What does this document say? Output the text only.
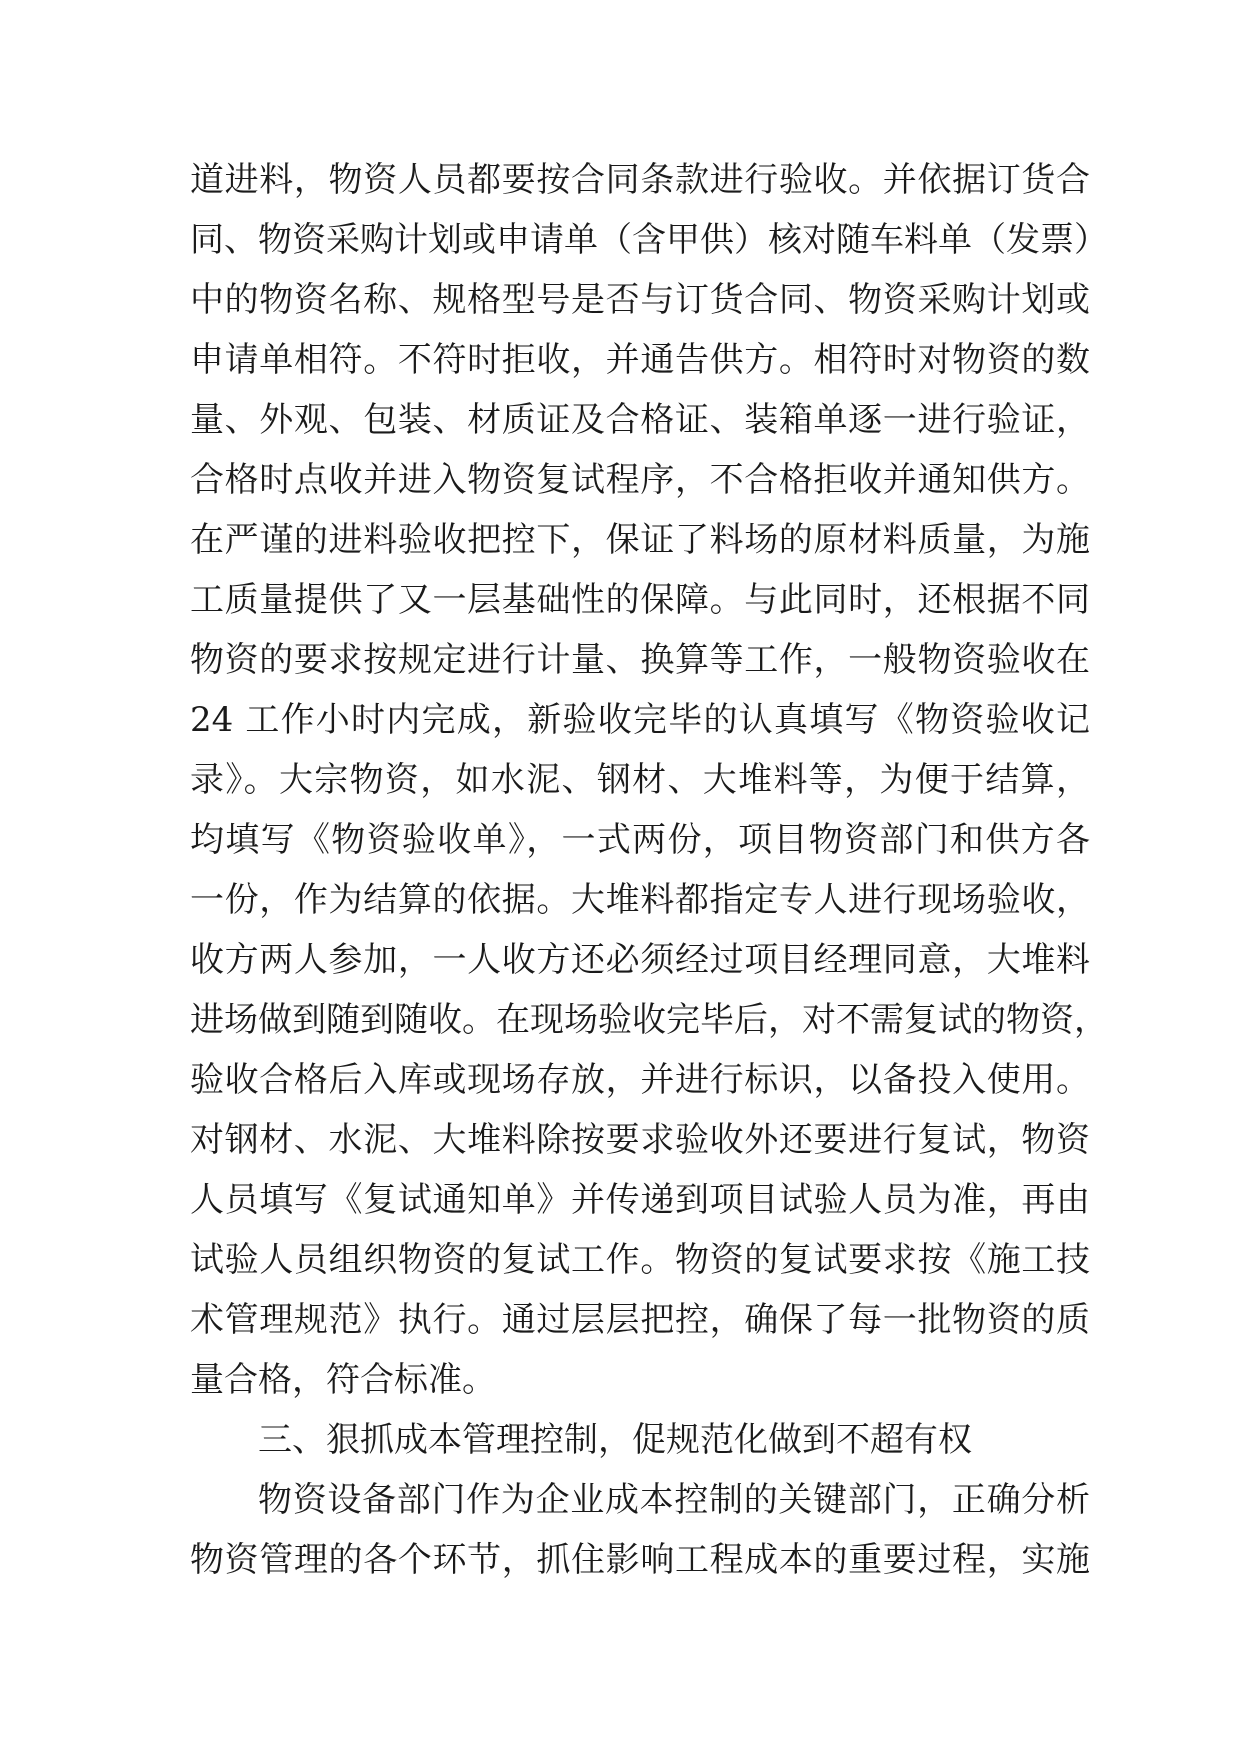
道进料，物资人员都要按合同条款进行验收。并依据订货合
同、物资采购计划或申请单（含甲供）核对随车料单（发票）
中的物资名称、规格型号是否与订货合同、物资采购计划或
申请单相符。不符时拒收，并通告供方。相符时对物资的数
量、外观、包装、材质证及合格证、装箱单逐一进行验证，
合格时点收并进入物资复试程序，不合格拒收并通知供方。
在严谨的进料验收把控下，保证了料场的原材料质量，为施
工质量提供了又一层基础性的保障。与此同时，还根据不同
物资的要求按规定进行计量、换算等工作，一般物资验收在
24 工作小时内完成，新验收完毕的认真填写《物资验收记
录》。大宗物资，如水泥、钢材、大堆料等，为便于结算，
均填写《物资验收单》，一式两份，项目物资部门和供方各
一份，作为结算的依据。大堆料都指定专人进行现场验收，
收方两人参加，一人收方还必须经过项目经理同意，大堆料
进场做到随到随收。在现场验收完毕后，对不需复试的物资，
验收合格后入库或现场存放，并进行标识，以备投入使用。
对钢材、水泥、大堆料除按要求验收外还要进行复试，物资
人员填写《复试通知单》并传递到项目试验人员为准，再由
试验人员组织物资的复试工作。物资的复试要求按《施工技
术管理规范》执行。通过层层把控，确保了每一批物资的质
量合格，符合标准。
三、狠抓成本管理控制，促规范化做到不超有权
物资设备部门作为企业成本控制的关键部门，正确分析
物资管理的各个环节，抓住影响工程成本的重要过程，实施
